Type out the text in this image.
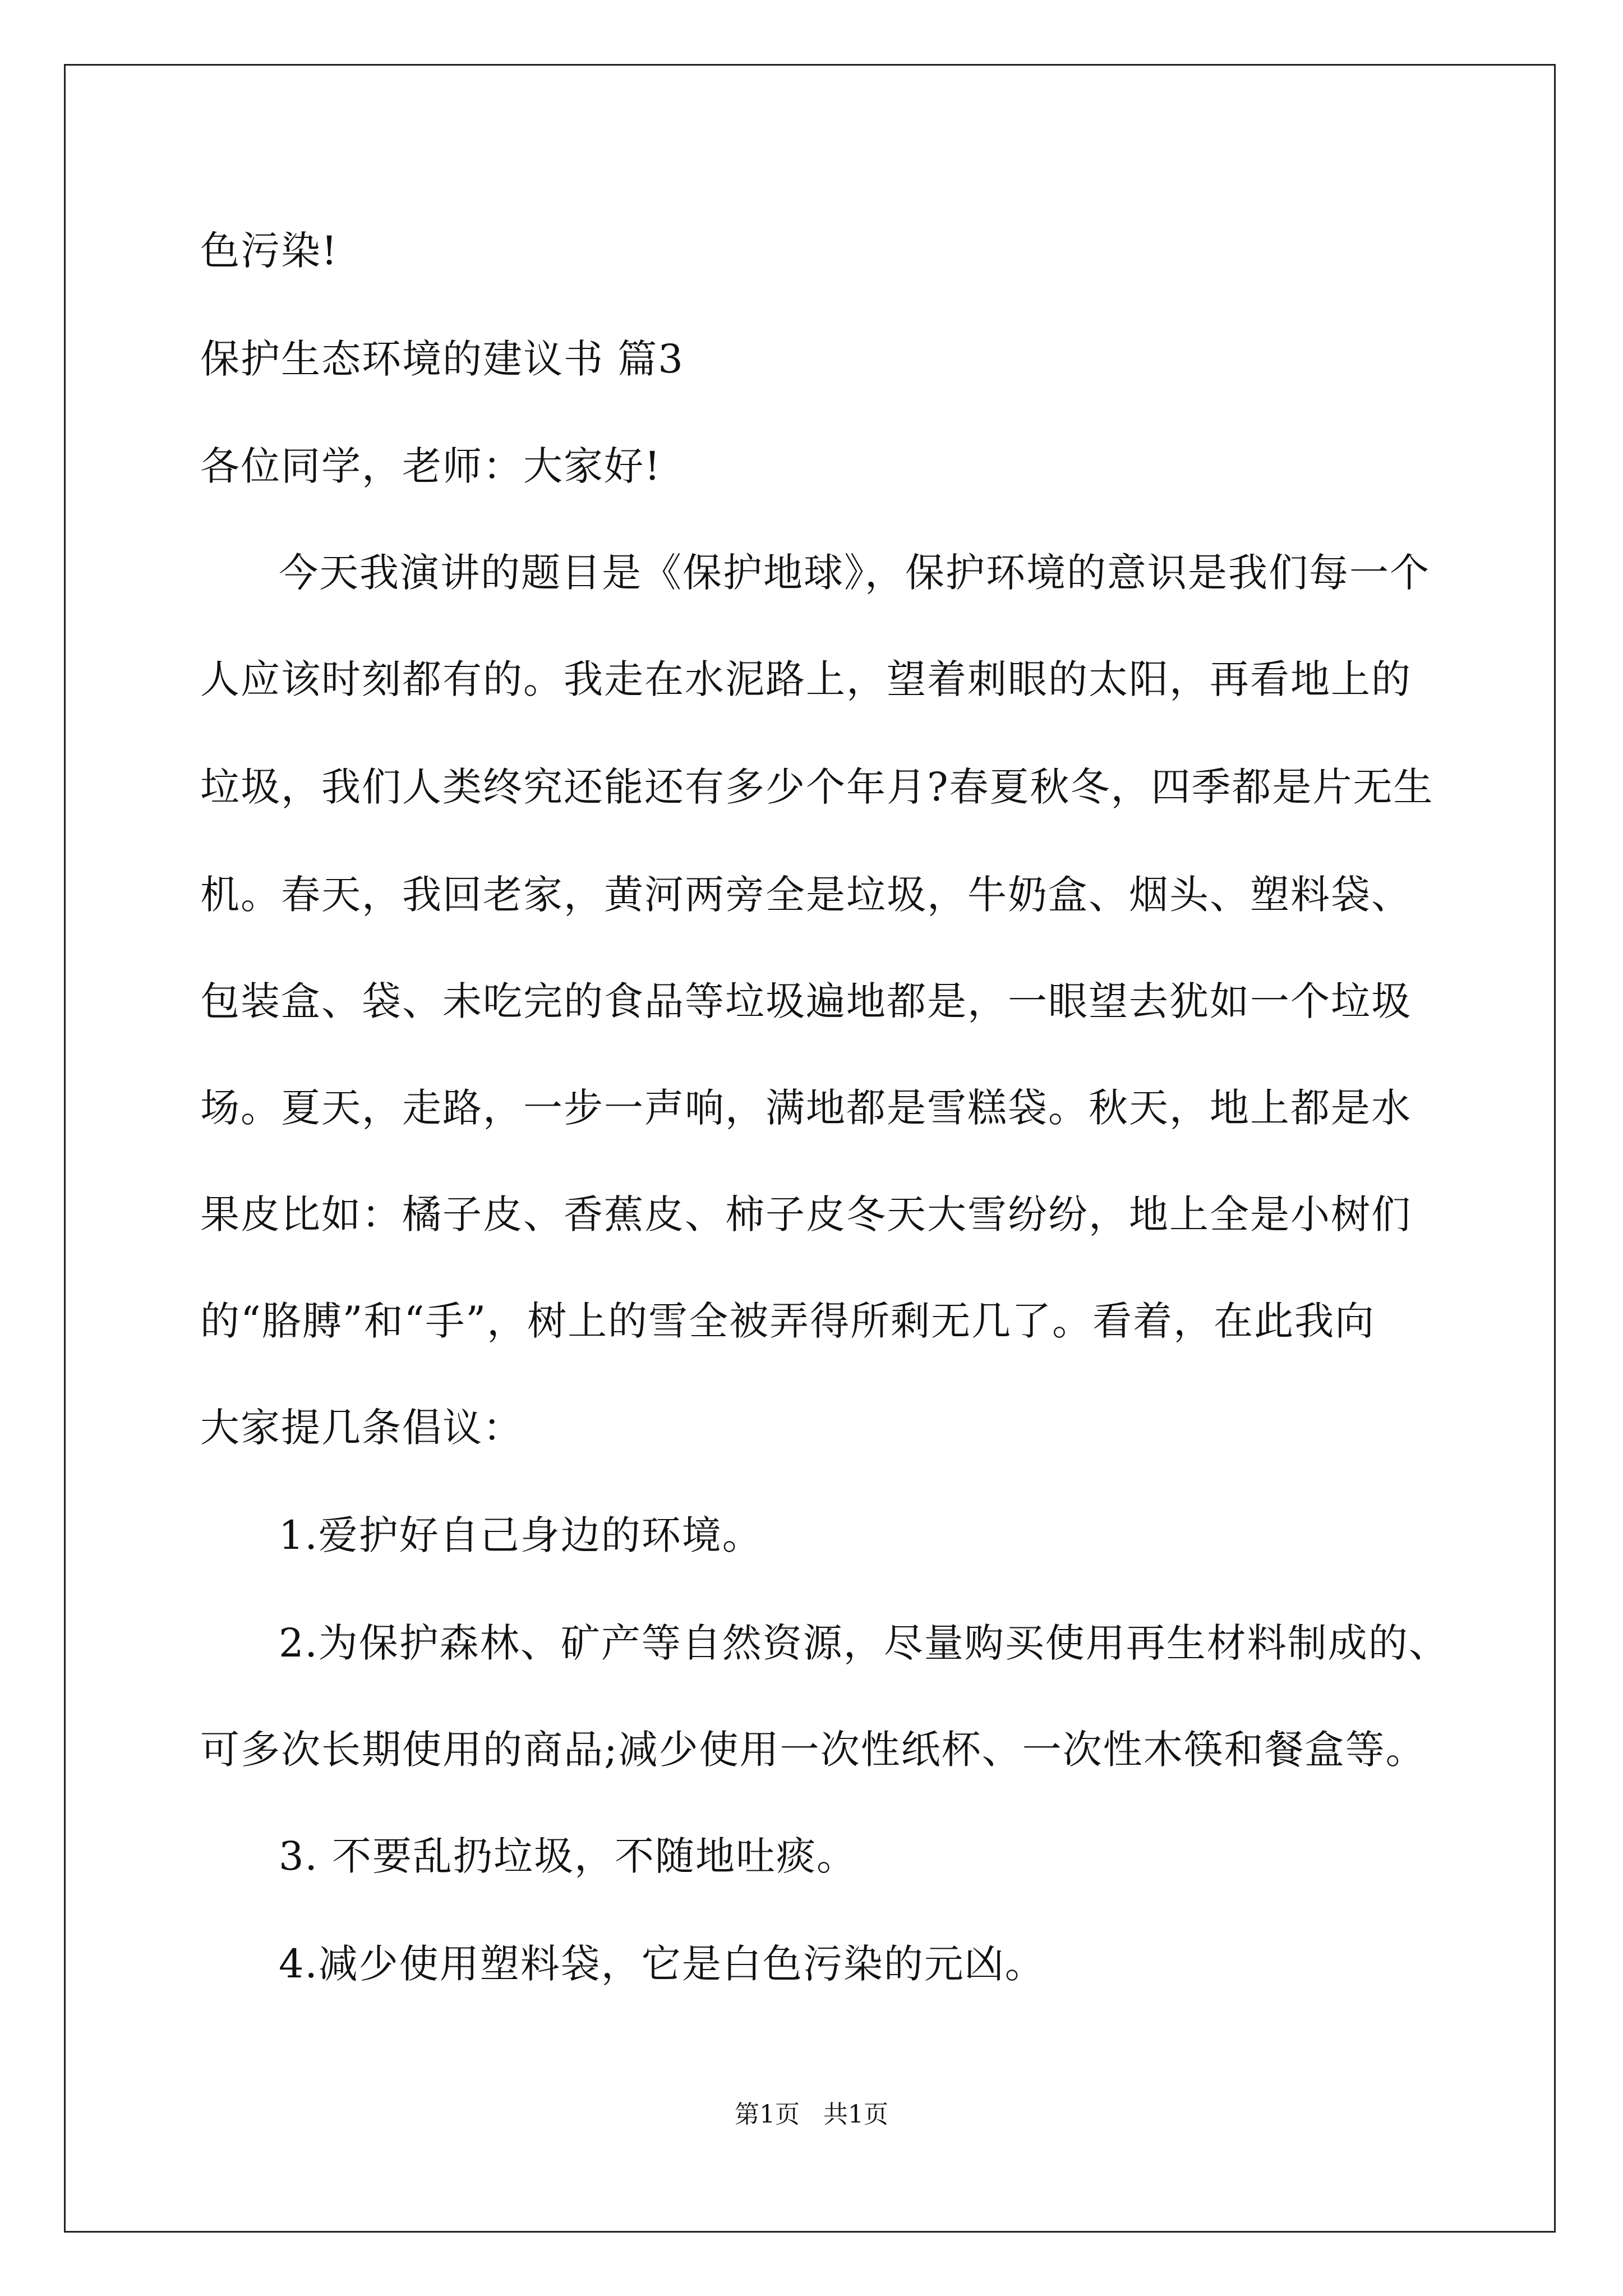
色污染!
保护生态环境的建议书 篇3
各位同学，老师：大家好!
今天我演讲的题目是《保护地球》，保护环境的意识是我们每一个
人应该时刻都有的。我走在水泥路上，望着刺眼的太阳，再看地上的
垃圾，我们人类终究还能还有多少个年月?春夏秋冬，四季都是片无生
机。春天，我回老家，黄河两旁全是垃圾，牛奶盒、烟头、塑料袋、
包装盒、袋、未吃完的食品等垃圾遍地都是，一眼望去犹如一个垃圾
场。夏天，走路，一步一声响，满地都是雪糕袋。秋天，地上都是水
果皮比如：橘子皮、香蕉皮、柿子皮冬天大雪纷纷，地上全是小树们
的“胳膊”和“手”，树上的雪全被弄得所剩无几了。看着，在此我向
大家提几条倡议：
1.爱护好自己身边的环境。
2.为保护森林、矿产等自然资源，尽量购买使用再生材料制成的、
可多次长期使用的商品;减少使用一次性纸杯、一次性木筷和餐盒等。
3. 不要乱扔垃圾，不随地吐痰。
4.减少使用塑料袋，它是白色污染的元凶。
第1页   共1页
